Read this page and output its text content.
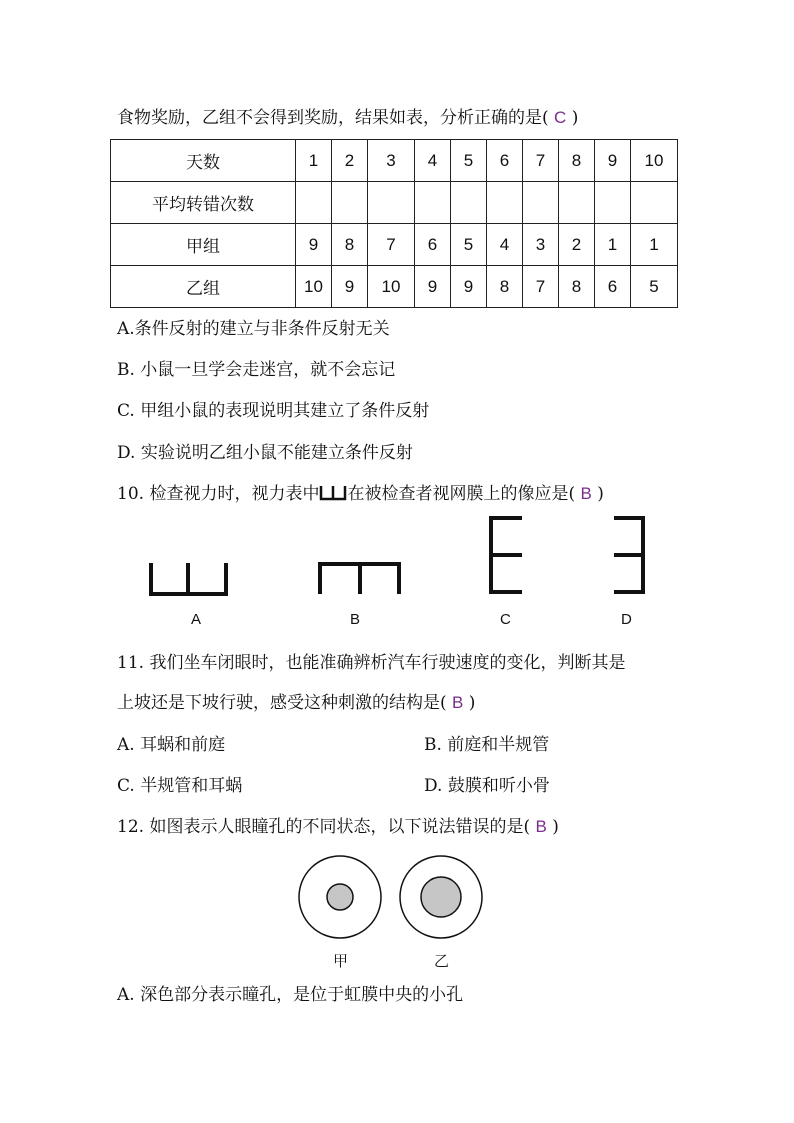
食物奖励，乙组不会得到奖励，结果如表，分析正确的是( C )
天数	1	2	3	4	5	6	7	8	9	10
平均转错次数										
甲组	9	8	7	6	5	4	3	2	1	1
乙组	10	9	10	9	9	8	7	8	6	5
A.条件反射的建立与非条件反射无关
B. 小鼠一旦学会走迷宫，就不会忘记
C. 甲组小鼠的表现说明其建立了条件反射
D. 实验说明乙组小鼠不能建立条件反射
10. 检查视力时，视力表中 在被检查者视网膜上的像应是( B )
A	B	C	D
11. 我们坐车闭眼时，也能准确辨析汽车行驶速度的变化，判断其是
上坡还是下坡行驶，感受这种刺激的结构是( B )
A. 耳蜗和前庭	B. 前庭和半规管
C. 半规管和耳蜗	D. 鼓膜和听小骨
12. 如图表示人眼瞳孔的不同状态，以下说法错误的是( B )
甲	乙
A. 深色部分表示瞳孔，是位于虹膜中央的小孔
